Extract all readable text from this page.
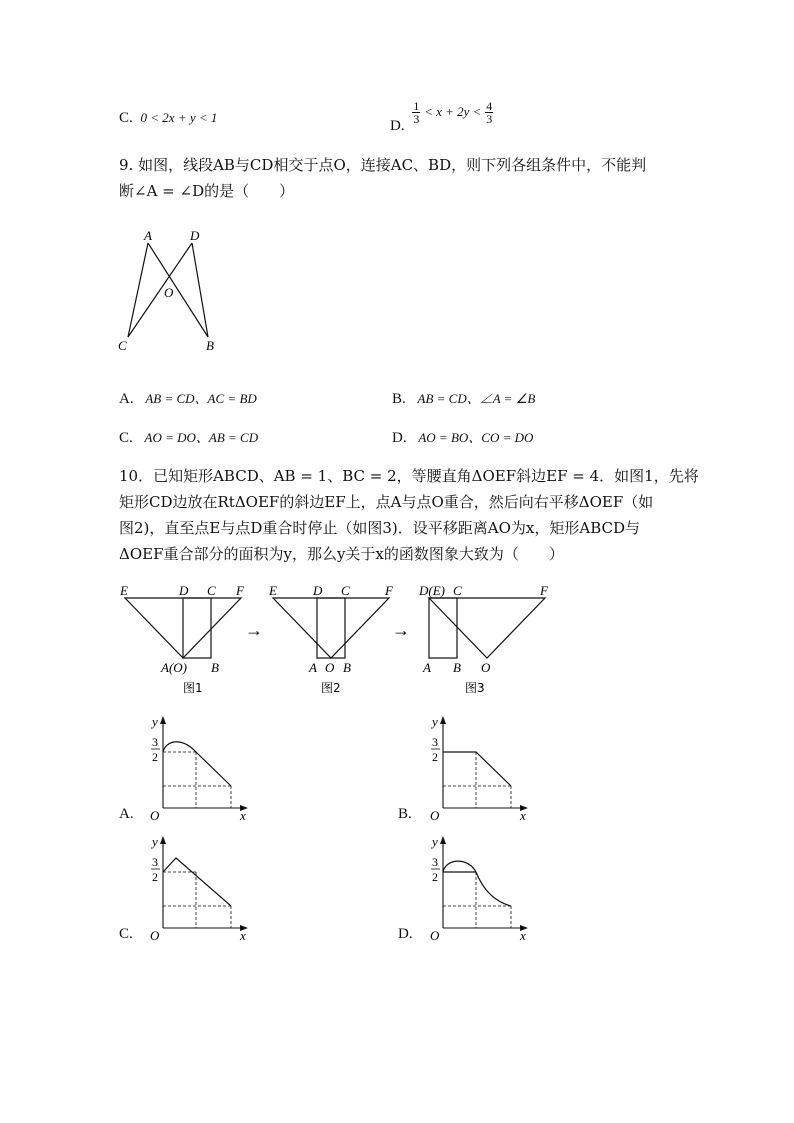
C. 0 < 2x + y < 1
D.
$\frac{1}{3} < x + 2y < \frac{4}{3}$
9. 如图，线段AB与CD相交于点O，连接AC、BD，则下列各组条件中，不能判
断∠A = ∠D的是（　　）
A	D
O
C	B
A. AB = CD、AC = BD	B. AB = CD、∠A = ∠B
C. AO = DO、AB = CD	D. AO = BO、CO = DO
10．已知矩形ABCD、AB = 1、BC = 2，等腰直角ΔOEF斜边EF = 4．如图1，先将
矩形CD边放在RtΔOEF的斜边EF上，点A与点O重合，然后向右平移ΔOEF（如
图2)，直至点E与点D重合时停止（如图3)．设平移距离AO为x，矩形ABCD与
ΔOEF重合部分的面积为y，那么y关于x的函数图象大致为（　　）
E	D C F
A(O) B
图1
→
E	D C	F
A O B
图2
→
D(E) C	F
A B O
图3
A.
y
x
O
3
2
B.
y
x
O
3
2
C.
y
x
O
3
2
D.
y
x
O
3
2
